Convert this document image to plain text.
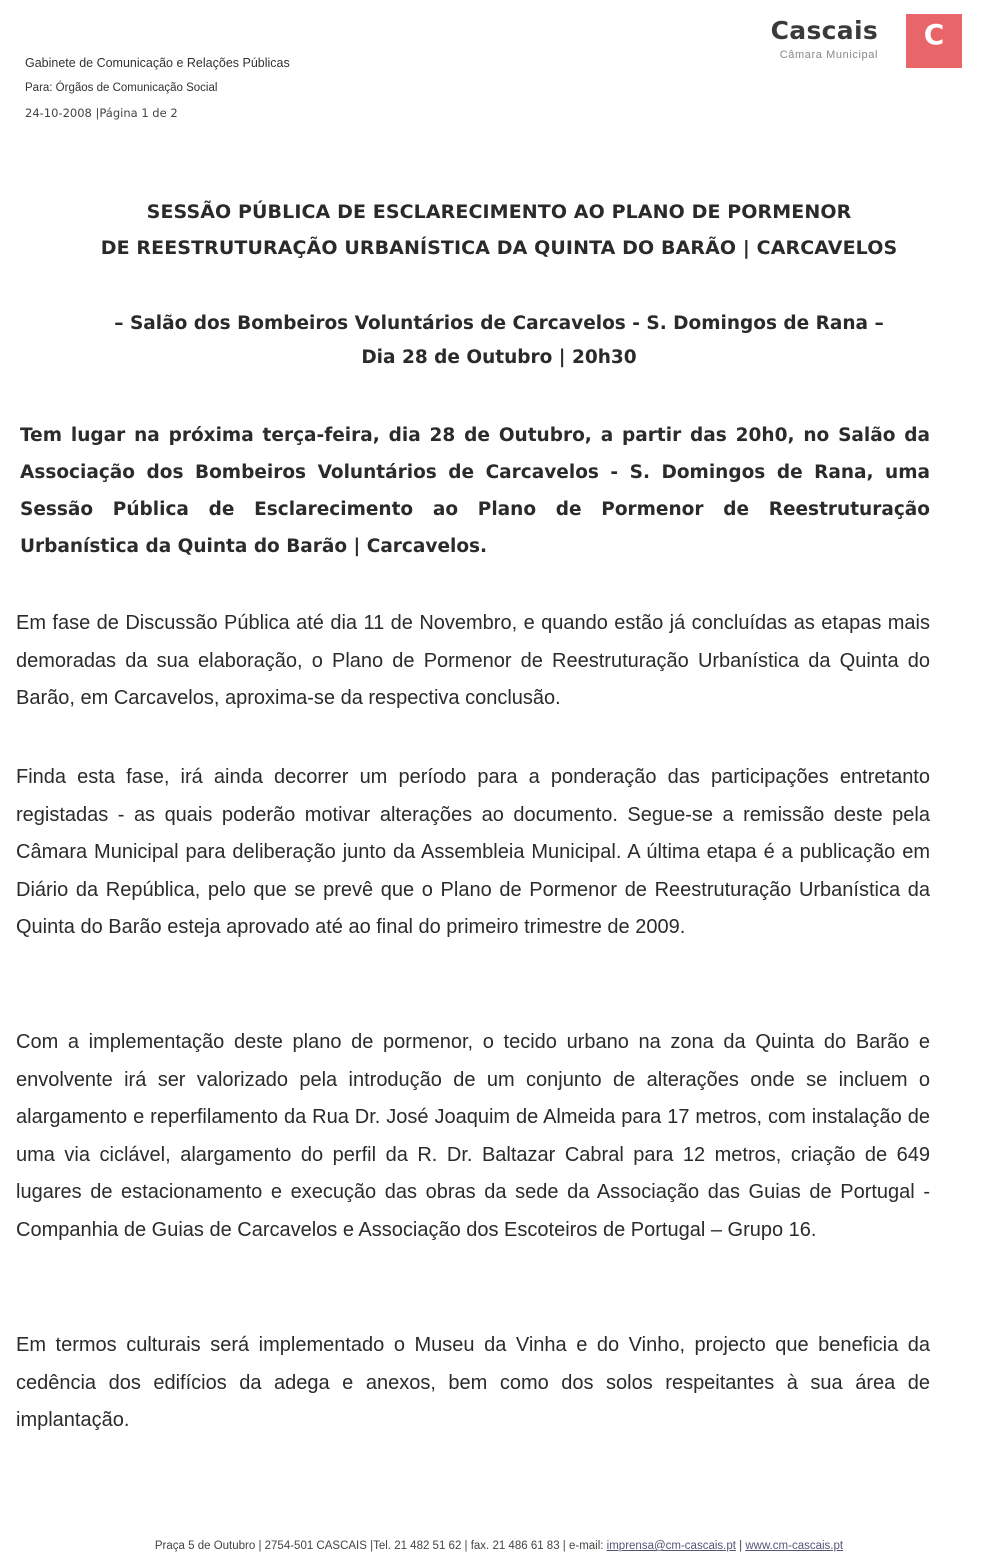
Gabinete de Comunicação e Relações Públicas
Para: Órgãos de Comunicação Social
24-10-2008 |Página 1 de 2
Cascais
Câmara Municipal
C
SESSÃO PÚBLICA DE ESCLARECIMENTO AO PLANO DE PORMENOR
DE REESTRUTURAÇÃO URBANÍSTICA DA QUINTA DO BARÃO | CARCAVELOS
– Salão dos Bombeiros Voluntários de Carcavelos - S. Domingos de Rana –
Dia 28 de Outubro | 20h30
Tem lugar na próxima terça-feira, dia 28 de Outubro, a partir das 20h0, no Salão da Associação dos Bombeiros Voluntários de Carcavelos - S. Domingos de Rana, uma Sessão Pública de Esclarecimento ao Plano de Pormenor de Reestruturação Urbanística da Quinta do Barão | Carcavelos.
Em fase de Discussão Pública até dia 11 de Novembro, e quando estão já concluídas as etapas mais demoradas da sua elaboração, o Plano de Pormenor de Reestruturação Urbanística da Quinta do Barão, em Carcavelos, aproxima-se da respectiva conclusão.
Finda esta fase, irá ainda decorrer um período para a ponderação das participações entretanto registadas - as quais poderão motivar alterações ao documento. Segue-se a remissão deste pela Câmara Municipal para deliberação junto da Assembleia Municipal. A última etapa é a publicação em Diário da República, pelo que se prevê que o Plano de Pormenor de Reestruturação Urbanística da Quinta do Barão esteja aprovado até ao final do primeiro trimestre de 2009.
Com a implementação deste plano de pormenor, o tecido urbano na zona da Quinta do Barão e envolvente irá ser valorizado pela introdução de um conjunto de alterações onde se incluem o alargamento e reperfilamento da Rua Dr. José Joaquim de Almeida para 17 metros, com instalação de uma via ciclável, alargamento do perfil da R. Dr. Baltazar Cabral para 12 metros, criação de 649 lugares de estacionamento e execução das obras da sede da Associação das Guias de Portugal -Companhia de Guias de Carcavelos e Associação dos Escoteiros de Portugal – Grupo 16.
Em termos culturais será implementado o Museu da Vinha e do Vinho, projecto que beneficia da cedência dos edifícios da adega e anexos, bem como dos solos respeitantes à sua área de implantação.
Praça 5 de Outubro | 2754-501 CASCAIS |Tel. 21 482 51 62 | fax. 21 486 61 83 | e-mail: imprensa@cm-cascais.pt | www.cm-cascais.pt
